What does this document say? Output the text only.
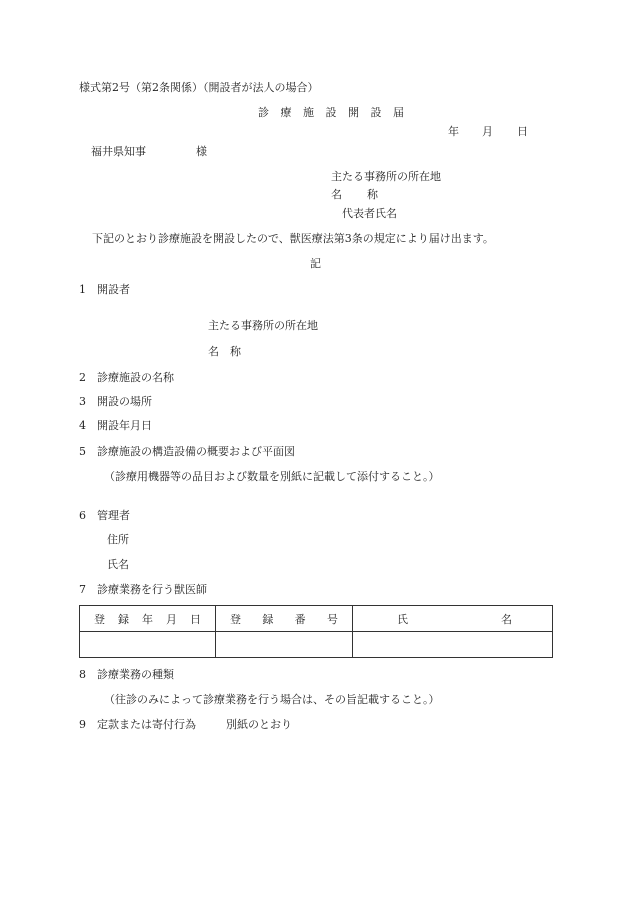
様式第2号（第2条関係）（開設者が法人の場合）
診 療 施 設 開 設 届
年 月 日
福井県知事	様
主たる事務所の所在地
名 称
代表者氏名
下記のとおり診療施設を開設したので、獣医療法第3条の規定により届け出ます。
記
1 開設者
主たる事務所の所在地
名　称
2 診療施設の名称
3 開設の場所
4 開設年月日
5 診療施設の構造設備の概要および平面図
（診療用機器等の品目および数量を別紙に記載して添付すること。）
6 管理者
住所
氏名
7 診療業務を行う獣医師
登 録 年 月 日	登 録 番 号	氏 名

8 診療業務の種類
（往診のみによって診療業務を行う場合は、その旨記載すること。）
9 定款または寄付行為	別紙のとおり
